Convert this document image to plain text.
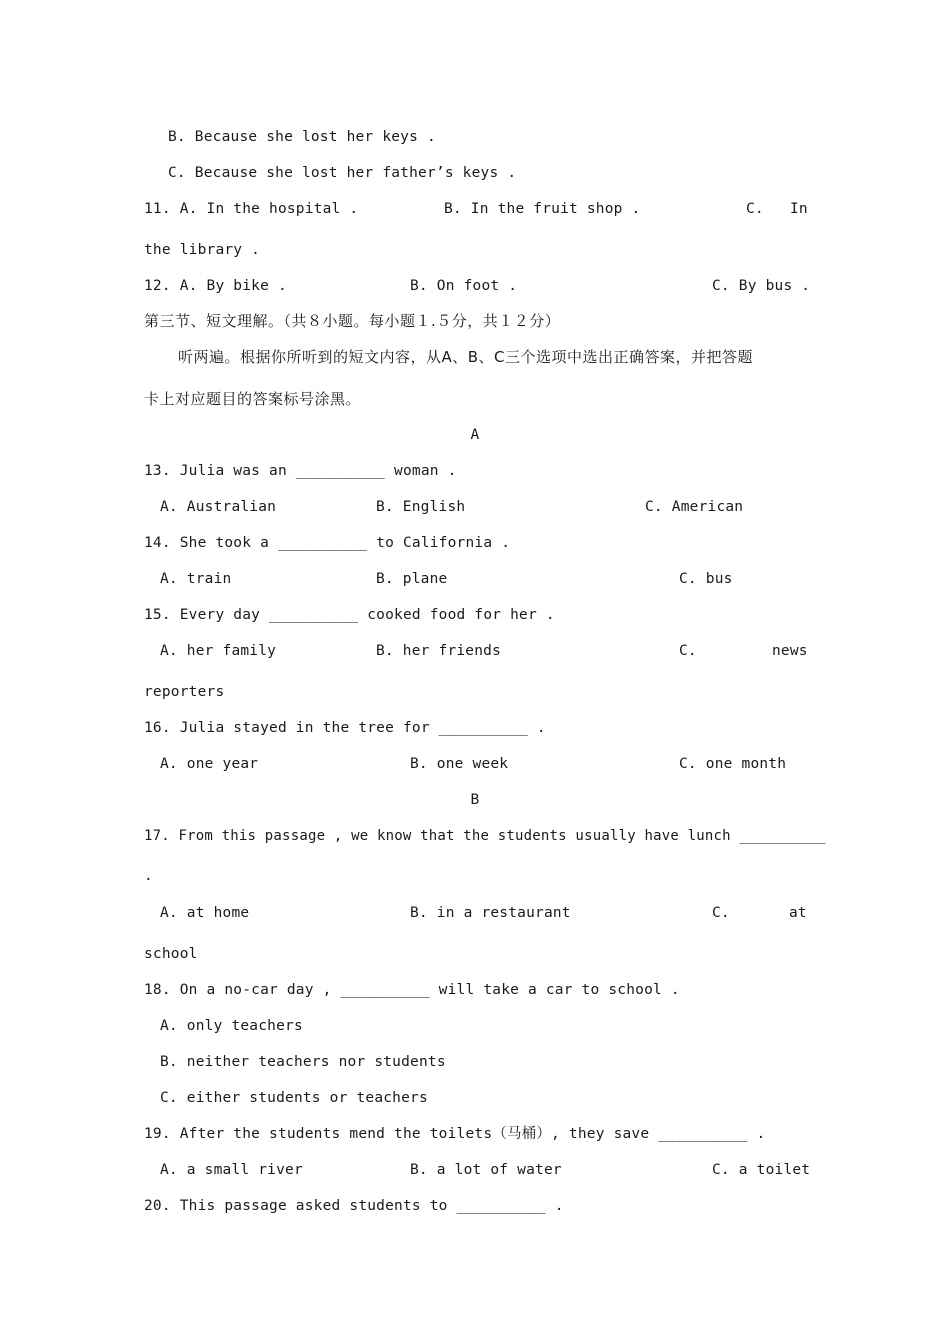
B. Because she lost her keys .
C. Because she lost her father’s keys .
11. A. In the hospital .	B. In the fruit shop .	C. In
the library .
12. A. By bike .	B. On foot .	C. By bus .
第三节、短文理解。（共８小题。每小题１.５分，共１２分）
听两遍。根据你所听到的短文内容，从A、B、C三个选项中选出正确答案，并把答题
卡上对应题目的答案标号涂黑。
A
13. Julia was an __________ woman .
A. Australian	B. English	C. American
14. She took a __________ to California .
A. train	B. plane	C. bus
15. Every day __________ cooked food for her .
A. her family	B. her friends	C.	news
reporters
16. Julia stayed in the tree for __________ .
A. one year	B. one week	C. one month
B
17. From this passage , we know that the students usually have lunch __________
.
A. at home	B. in a restaurant	C.	at
school
18. On a no-car day , __________ will take a car to school .
A. only teachers
B. neither teachers nor students
C. either students or teachers
19. After the students mend the toilets（马桶）, they save __________ .
A. a small river	B. a lot of water	C. a toilet
20. This passage asked students to __________ .
